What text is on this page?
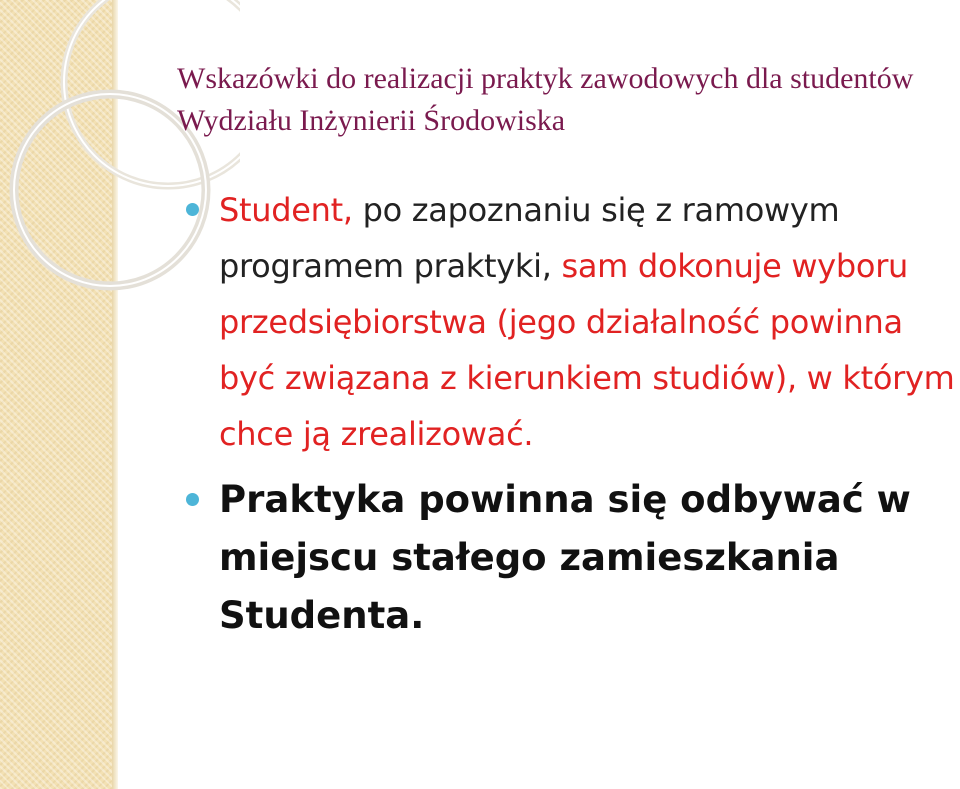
Wskazówki do realizacji praktyk zawodowych dla studentów Wydziału Inżynierii Środowiska
Student, po zapoznaniu się z ramowym programem praktyki, sam dokonuje wyboru przedsiębiorstwa (jego działalność powinna być związana z kierunkiem studiów), w którym chce ją zrealizować.
Praktyka powinna się odbywać w miejscu stałego zamieszkania Studenta.
